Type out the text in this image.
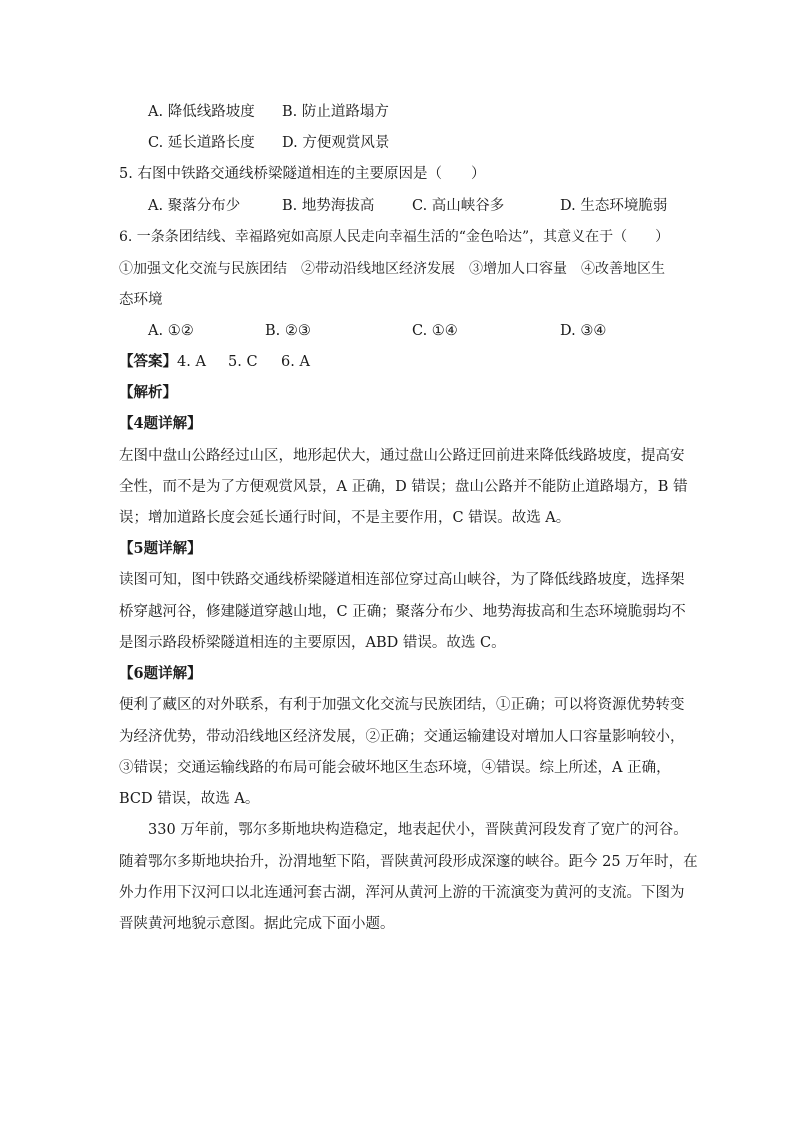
A. 降低线路坡度 B. 防止道路塌方
C. 延长道路长度 D. 方便观赏风景
5. 右图中铁路交通线桥梁隧道相连的主要原因是（　　）
A. 聚落分布少	B. 地势海拔高	C. 高山峡谷多	D. 生态环境脆弱
6. 一条条团结线、幸福路宛如高原人民走向幸福生活的“金色哈达”，其意义在于（　　）
①加强文化交流与民族团结　②带动沿线地区经济发展　③增加人口容量　④改善地区生
态环境
A. ①②	B. ②③	C. ①④	D. ③④
【答案】4. A 5. C 6. A
【解析】
【4题详解】
左图中盘山公路经过山区，地形起伏大，通过盘山公路迂回前进来降低线路坡度，提高安
全性，而不是为了方便观赏风景，A 正确，D 错误；盘山公路并不能防止道路塌方，B 错
误；增加道路长度会延长通行时间，不是主要作用，C 错误。故选 A。
【5题详解】
读图可知，图中铁路交通线桥梁隧道相连部位穿过高山峡谷，为了降低线路坡度，选择架
桥穿越河谷，修建隧道穿越山地，C 正确；聚落分布少、地势海拔高和生态环境脆弱均不
是图示路段桥梁隧道相连的主要原因，ABD 错误。故选 C。
【6题详解】
便利了藏区的对外联系，有利于加强文化交流与民族团结，①正确；可以将资源优势转变
为经济优势，带动沿线地区经济发展，②正确；交通运输建设对增加人口容量影响较小，
③错误；交通运输线路的布局可能会破坏地区生态环境，④错误。综上所述，A 正确，
BCD 错误，故选 A。
330 万年前，鄂尔多斯地块构造稳定，地表起伏小，晋陕黄河段发育了宽广的河谷。
随着鄂尔多斯地块抬升，汾渭地堑下陷，晋陕黄河段形成深邃的峡谷。距今 25 万年时，在
外力作用下汉河口以北连通河套古湖，浑河从黄河上游的干流演变为黄河的支流。下图为
晋陕黄河地貌示意图。据此完成下面小题。
